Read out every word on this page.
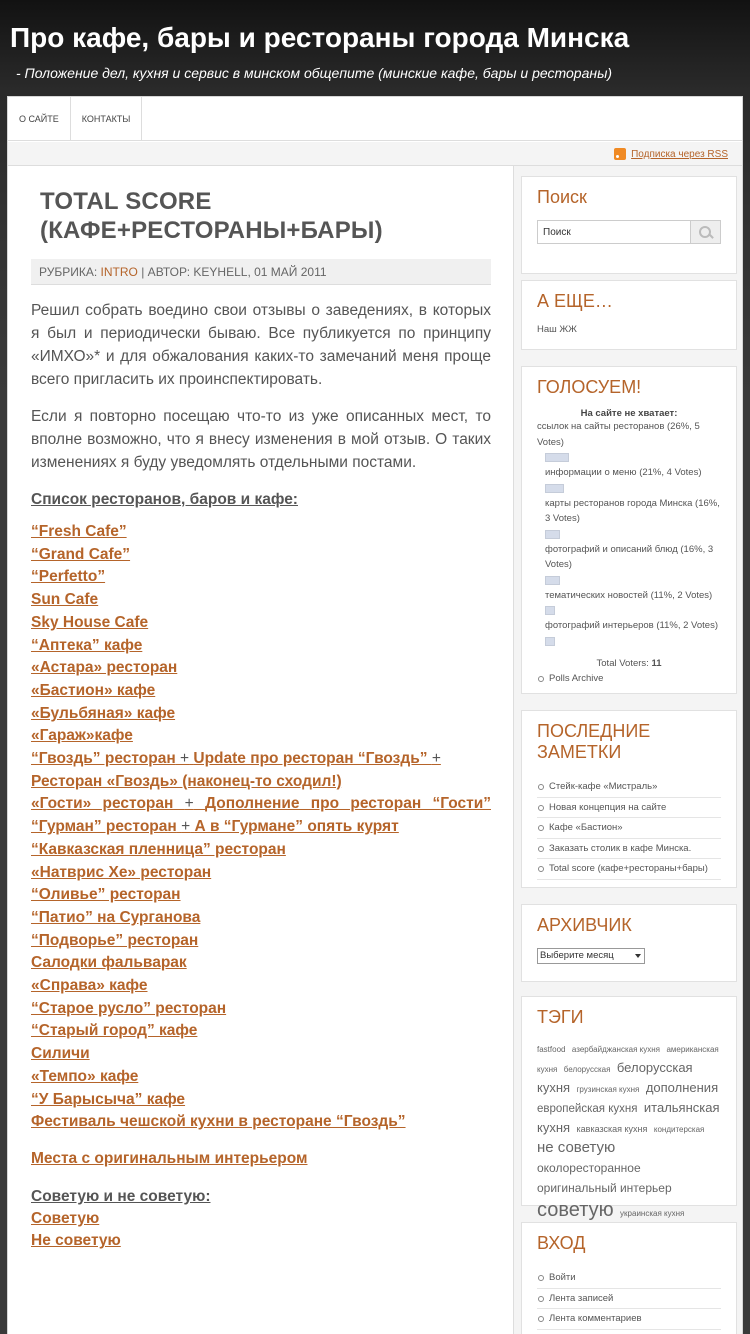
Про кафе, бары и рестораны города Минска
- Положение дел, кухня и сервис в минском общепите (минские кафе, бары и рестораны)
О САЙТЕ	КОНТАКТЫ
Подписка через RSS
TOTAL SCORE (КАФЕ+РЕСТОРАНЫ+БАРЫ)
РУБРИКА: INTRO | АВТОР: KEYHELL, 01 МАЙ 2011

Решил собрать воедино свои отзывы о заведениях, в которых я был и периодически бываю. Все публикуется по принципу «ИМХО»* и для обжалования каких-то замечаний меня проще всего пригласить их проинспектировать.

Если я повторно посещаю что-то из уже описанных мест, то вполне возможно, что я внесу изменения в мой отзыв. О таких изменениях я буду уведомлять отдельными постами.

Список ресторанов, баров и кафе:
“Fresh Cafe”
“Grand Cafe”
“Perfetto”
Sun Cafe
Sky House Cafe
“Аптека” кафе
«Астара» ресторан
«Бастион» кафе
«Бульбяная» кафе
«Гараж»кафе
“Гвоздь” ресторан + Update про ресторан “Гвоздь” +
Ресторан «Гвоздь» (наконец-то сходил!)
«Гости» ресторан + Дополнение про ресторан “Гости”
“Гурман” ресторан + А в “Гурмане” опять курят
“Кавказская пленница” ресторан
«Натврис Хе» ресторан
“Оливье” ресторан
“Патио” на Сурганова
“Подворье” ресторан
Салодки фальварак
«Справа» кафе
“Старое русло” ресторан
“Старый город” кафе
Силичи
«Темпо» кафе
“У Барысыча” кафе
Фестиваль чешской кухни в ресторане “Гвоздь”
Места с оригинальным интерьером
Советую и не советую:
Советую
Не советую
Поиск
Поиск
А ЕЩЕ…
Наш ЖЖ
ГОЛОСУЕМ!
На сайте не хватает:
ссылок на сайты ресторанов (26%, 5 Votes)
информации о меню (21%, 4 Votes)
карты ресторанов города Минска (16%, 3 Votes)
фотографий и описаний блюд (16%, 3 Votes)
тематических новостей (11%, 2 Votes)
фотографий интерьеров (11%, 2 Votes)
Total Voters: 11
Polls Archive
ПОСЛЕДНИЕ ЗАМЕТКИ
Стейк-кафе «Мистраль»
Новая концепция на сайте
Кафе «Бастион»
Заказать столик в кафе Минска.
Total score (кафе+рестораны+бары)
АРХИВЧИК
Выберите месяц
ТЭГИ
fastfood азербайджанская кухня американская кухня белорусская белорусская кухня грузинская кухня дополнения европейская кухня итальянская кухня кавказская кухня кондитерская не советую околоресторанное оригинальный интерьер советую украинская кухня
ВХОД
Войти
Лента записей
Лента комментариев
